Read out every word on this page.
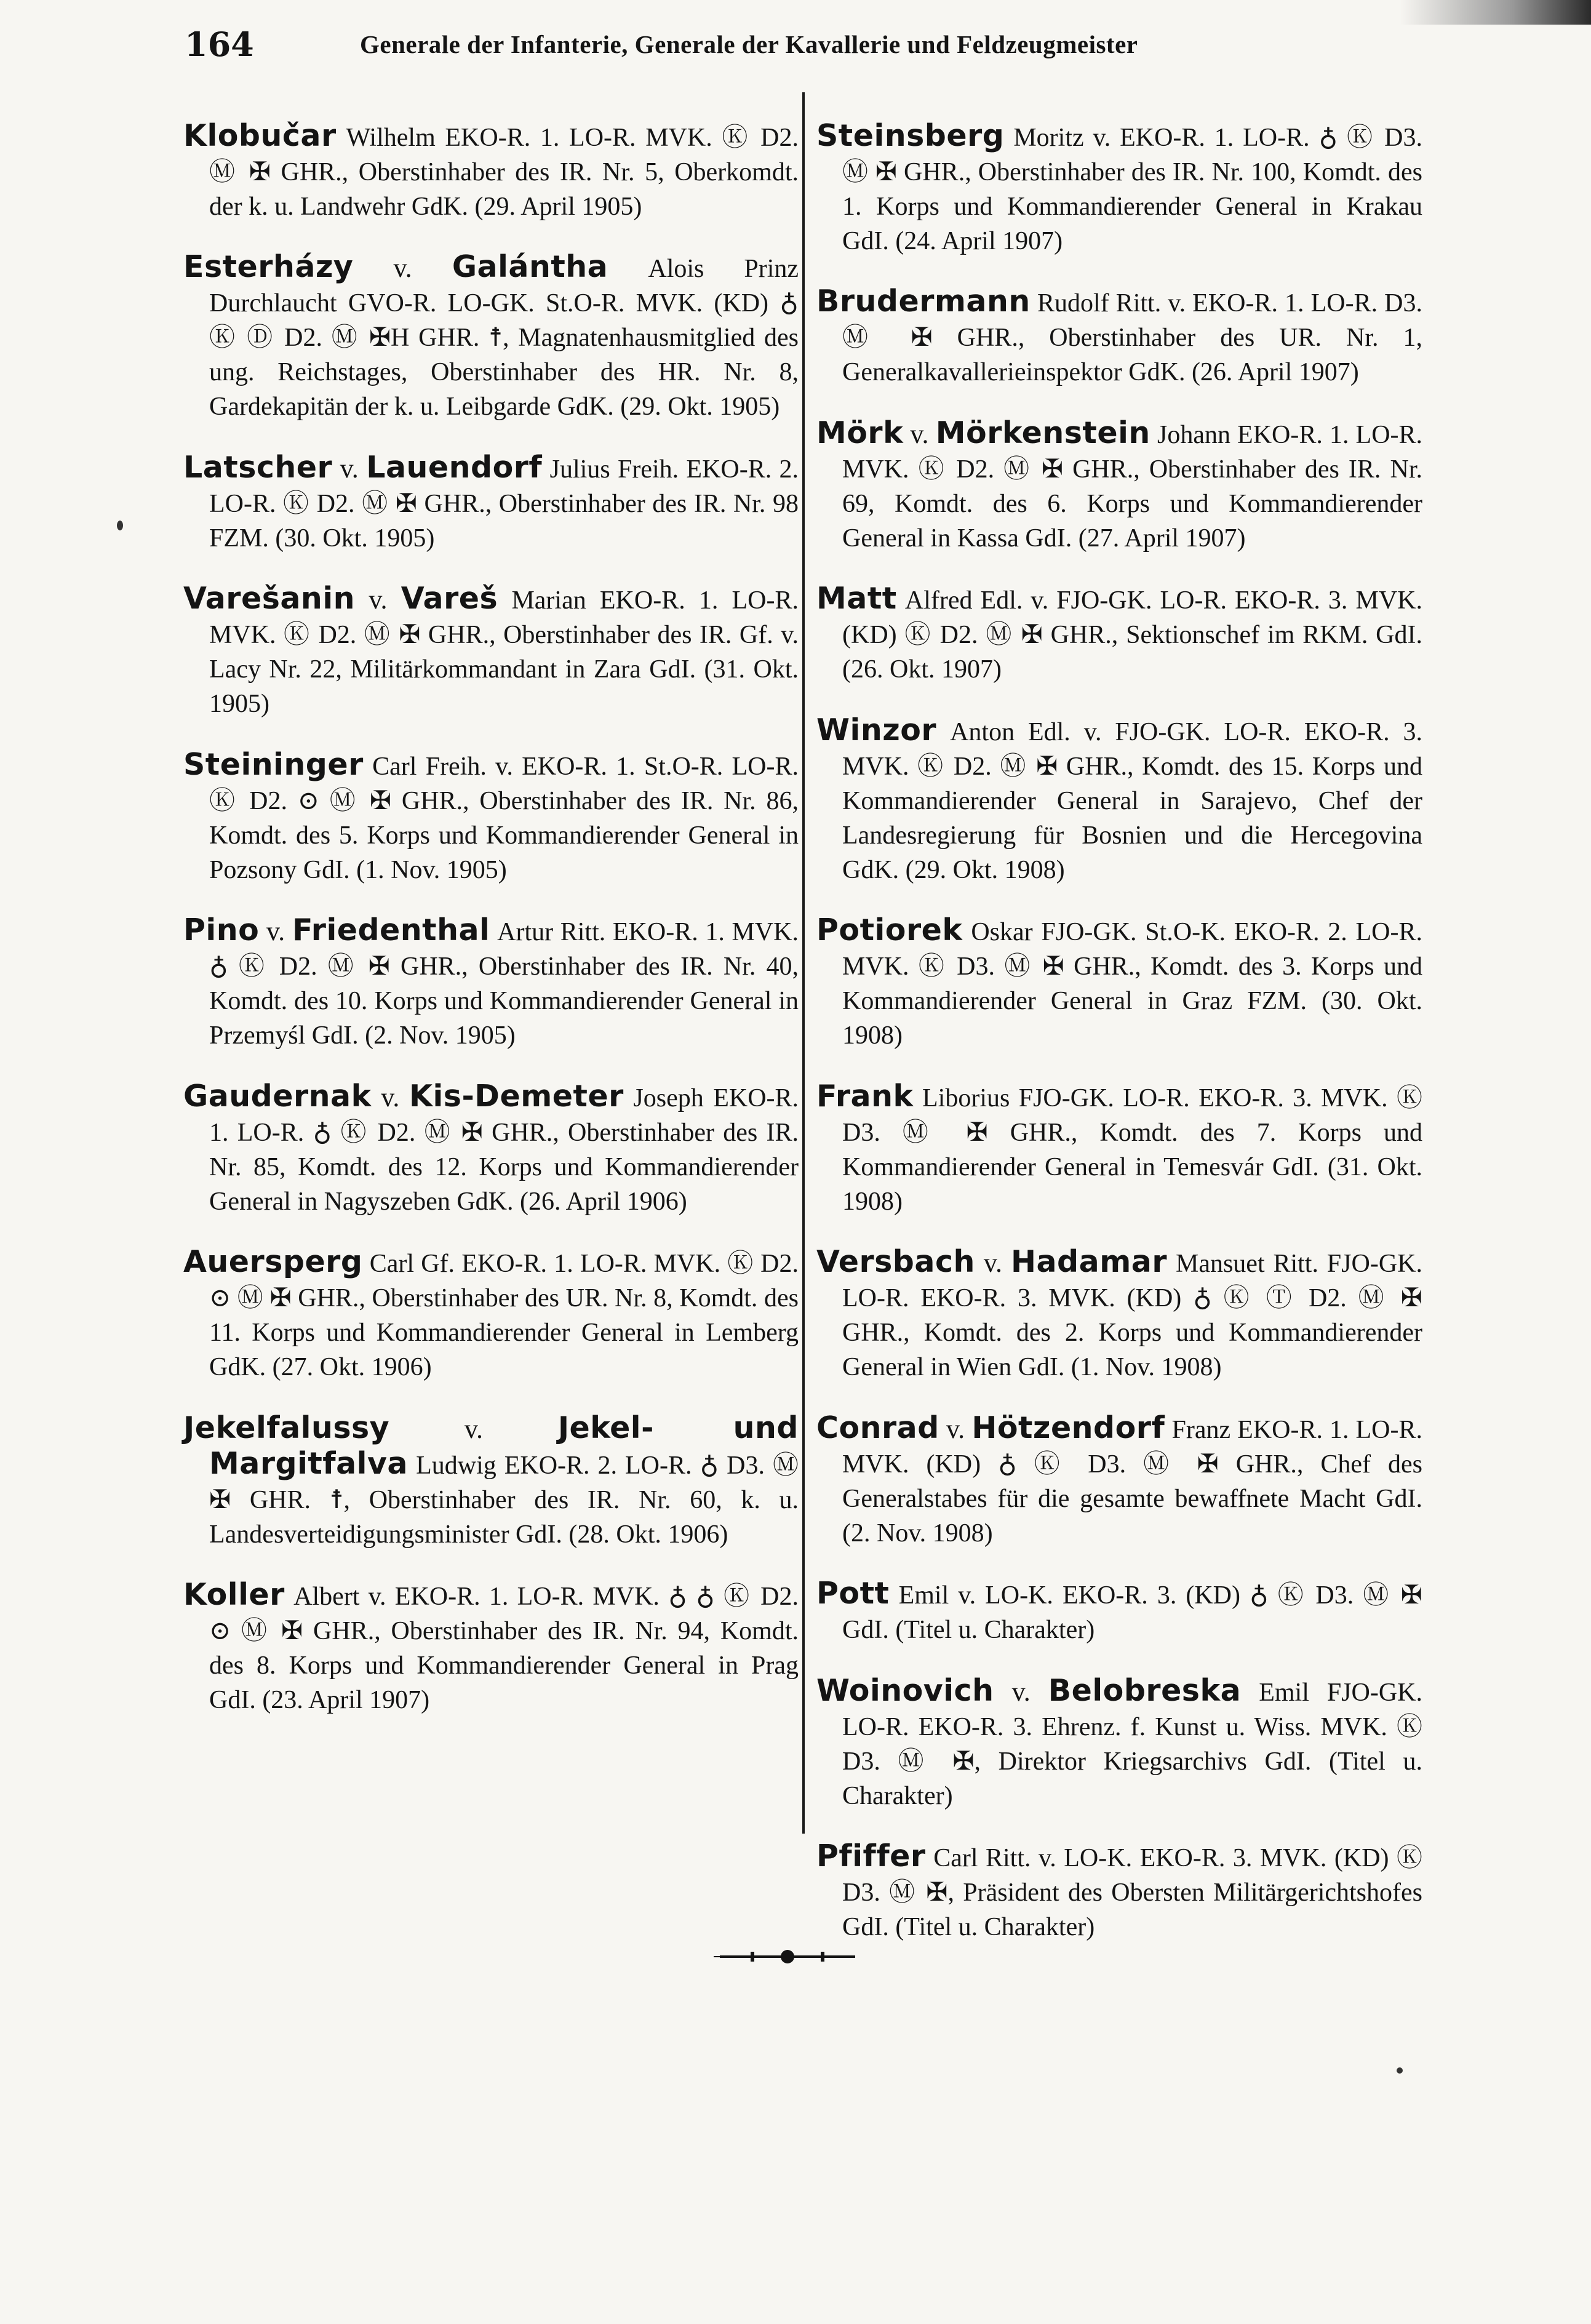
164	Generale der Infanterie, Generale der Kavallerie und Feldzeugmeister

Klobučar Wilhelm EKO-R. 1. LO-R. MVK. Ⓚ D2. Ⓜ ✠ GHR., Oberstinhaber des IR. Nr. 5, Oberkomdt. der k. u. Landwehr GdK. (29. April 1905)

Esterházy v. Galántha Alois Prinz Durchlaucht GVO-R. LO-GK. St.O-R. MVK. (KD) ♁ Ⓚ Ⓓ D2. Ⓜ ✠H GHR. ☨, Magnatenhausmitglied des ung. Reichstages, Oberstinhaber des HR. Nr. 8, Gardekapitän der k. u. Leibgarde GdK. (29. Okt. 1905)

Latscher v. Lauendorf Julius Freih. EKO-R. 2. LO-R. Ⓚ D2. Ⓜ ✠ GHR., Oberstinhaber des IR. Nr. 98 FZM. (30. Okt. 1905)

Varešanin v. Vareš Marian EKO-R. 1. LO-R. MVK. Ⓚ D2. Ⓜ ✠ GHR., Oberstinhaber des IR. Gf. v. Lacy Nr. 22, Militärkommandant in Zara GdI. (31. Okt. 1905)

Steininger Carl Freih. v. EKO-R. 1. St.O-R. LO-R. Ⓚ D2. ⊙ Ⓜ ✠ GHR., Oberstinhaber des IR. Nr. 86, Komdt. des 5. Korps und Kommandierender General in Pozsony GdI. (1. Nov. 1905)

Pino v. Friedenthal Artur Ritt. EKO-R. 1. MVK. ♁ Ⓚ D2. Ⓜ ✠ GHR., Oberstinhaber des IR. Nr. 40, Komdt. des 10. Korps und Kommandierender General in Przemyśl GdI. (2. Nov. 1905)

Gaudernak v. Kis-Demeter Joseph EKO-R. 1. LO-R. ♁ Ⓚ D2. Ⓜ ✠ GHR., Oberstinhaber des IR. Nr. 85, Komdt. des 12. Korps und Kommandierender General in Nagyszeben GdK. (26. April 1906)

Auersperg Carl Gf. EKO-R. 1. LO-R. MVK. Ⓚ D2. ⊙ Ⓜ ✠ GHR., Oberstinhaber des UR. Nr. 8, Komdt. des 11. Korps und Kommandierender General in Lemberg GdK. (27. Okt. 1906)

Jekelfalussy	v. Jekel- und Margitfalva Ludwig EKO-R. 2. LO-R. ♁ D3. Ⓜ ✠ GHR. ☨, Oberstinhaber des IR. Nr. 60, k. u. Landesverteidigungsminister GdI. (28. Okt. 1906)

Koller Albert v. EKO-R. 1. LO-R. MVK. ♁ ♁ Ⓚ D2. ⊙ Ⓜ ✠ GHR., Oberstinhaber des IR. Nr. 94, Komdt. des 8. Korps und Kommandierender General in Prag GdI. (23. April 1907)

Steinsberg Moritz v. EKO-R. 1. LO-R. ♁ Ⓚ D3. Ⓜ ✠ GHR., Oberstinhaber des IR. Nr. 100, Komdt. des 1. Korps und Kommandierender General in Krakau GdI. (24. April 1907)

Brudermann Rudolf Ritt. v. EKO-R. 1. LO-R. D3. Ⓜ ✠ GHR., Oberstinhaber des UR. Nr. 1, Generalkavallerieinspektor GdK. (26. April 1907)

Mörk v. Mörkenstein Johann EKO-R. 1. LO-R. MVK. Ⓚ D2. Ⓜ ✠ GHR., Oberstinhaber des IR. Nr. 69, Komdt. des 6. Korps und Kommandierender General in Kassa GdI. (27. April 1907)

Matt Alfred Edl. v. FJO-GK. LO-R. EKO-R. 3. MVK. (KD) Ⓚ D2. Ⓜ ✠ GHR., Sektionschef im RKM. GdI. (26. Okt. 1907)

Winzor Anton Edl. v. FJO-GK. LO-R. EKO-R. 3. MVK. Ⓚ D2. Ⓜ ✠ GHR., Komdt. des 15. Korps und Kommandierender General in Sarajevo, Chef der Landesregierung für Bosnien und die Hercegovina GdK. (29. Okt. 1908)

Potiorek Oskar FJO-GK. St.O-K. EKO-R. 2. LO-R. MVK. Ⓚ D3. Ⓜ ✠ GHR., Komdt. des 3. Korps und Kommandierender General in Graz FZM. (30. Okt. 1908)

Frank Liborius FJO-GK. LO-R. EKO-R. 3. MVK. Ⓚ D3. Ⓜ ✠ GHR., Komdt. des 7. Korps und Kommandierender General in Temesvár GdI. (31. Okt. 1908)

Versbach v. Hadamar Mansuet Ritt. FJO-GK. LO-R. EKO-R. 3. MVK. (KD) ♁ Ⓚ Ⓣ D2. Ⓜ ✠ GHR., Komdt. des 2. Korps und Kommandierender General in Wien GdI. (1. Nov. 1908)

Conrad v. Hötzendorf Franz EKO-R. 1. LO-R. MVK. (KD) ♁ Ⓚ D3. Ⓜ ✠ GHR., Chef des Generalstabes für die gesamte bewaffnete Macht GdI. (2. Nov. 1908)

Pott Emil v. LO-K. EKO-R. 3. (KD) ♁ Ⓚ D3. Ⓜ ✠ GdI. (Titel u. Charakter)

Woinovich v. Belobreska Emil FJO-GK. LO-R. EKO-R. 3. Ehrenz. f. Kunst u. Wiss. MVK. Ⓚ D3. Ⓜ ✠, Direktor Kriegsarchivs GdI. (Titel u. Charakter)

Pfiffer Carl Ritt. v. LO-K. EKO-R. 3. MVK. (KD) Ⓚ D3. Ⓜ ✠, Präsident des Obersten Militärgerichtshofes GdI. (Titel u. Charakter)
